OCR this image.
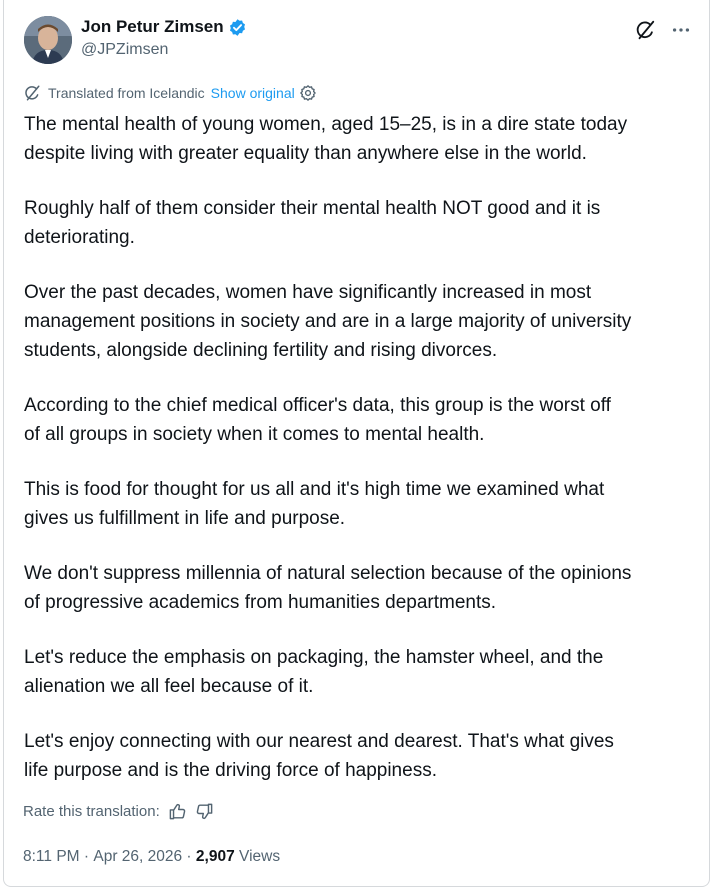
Jon Petur Zimsen
@JPZimsen
Translated from Icelandic Show original

The mental health of young women, aged 15–25, is in a dire state today
despite living with greater equality than anywhere else in the world.

Roughly half of them consider their mental health NOT good and it is
deteriorating.

Over the past decades, women have significantly increased in most
management positions in society and are in a large majority of university
students, alongside declining fertility and rising divorces.

According to the chief medical officer's data, this group is the worst off
of all groups in society when it comes to mental health.

This is food for thought for us all and it's high time we examined what
gives us fulfillment in life and purpose.

We don't suppress millennia of natural selection because of the opinions
of progressive academics from humanities departments.

Let's reduce the emphasis on packaging, the hamster wheel, and the
alienation we all feel because of it.

Let's enjoy connecting with our nearest and dearest. That's what gives
life purpose and is the driving force of happiness.

Rate this translation:
8:11 PM · Apr 26, 2026 · 2,907 Views
